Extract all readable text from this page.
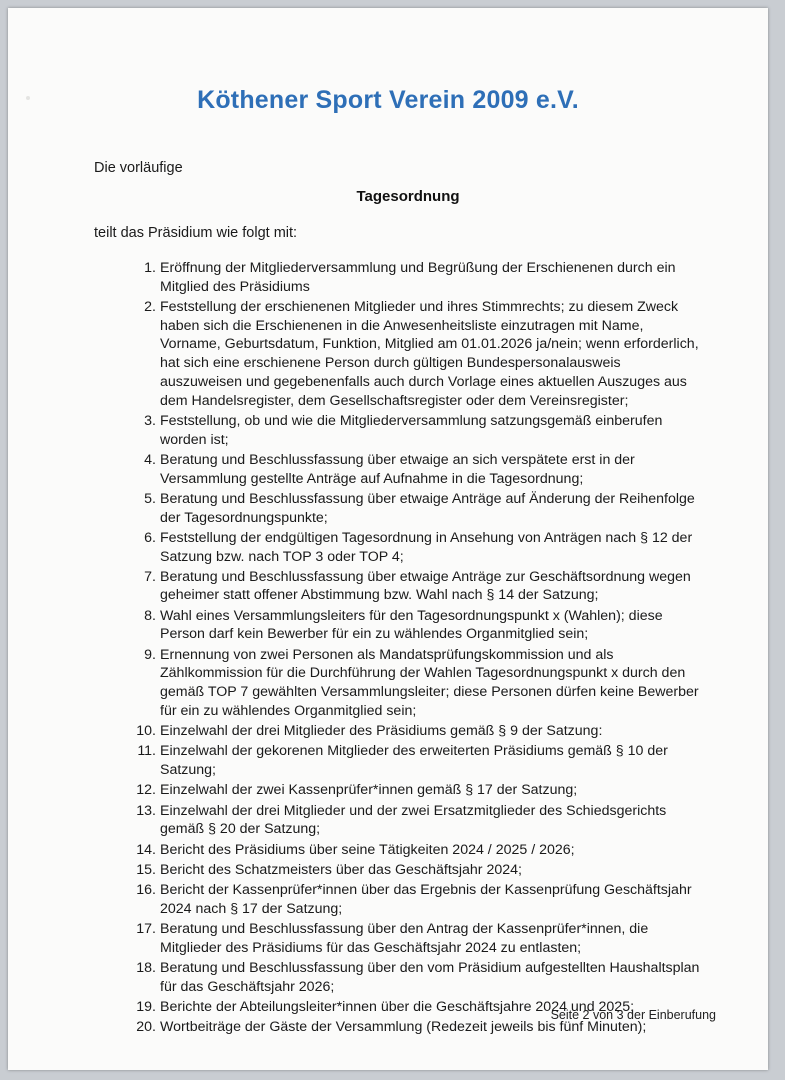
Köthener Sport Verein 2009 e.V.
Die vorläufige
Tagesordnung
teilt das Präsidium wie folgt mit:
1. Eröffnung der Mitgliederversammlung und Begrüßung der Erschienenen durch ein Mitglied des Präsidiums
2. Feststellung der erschienenen Mitglieder und ihres Stimmrechts; zu diesem Zweck haben sich die Erschienenen in die Anwesenheitsliste einzutragen mit Name, Vorname, Geburtsdatum, Funktion, Mitglied am 01.01.2026 ja/nein; wenn erforderlich, hat sich eine erschienene Person durch gültigen Bundespersonalausweis auszuweisen und gegebenenfalls auch durch Vorlage eines aktuellen Auszuges aus dem Handelsregister, dem Gesellschaftsregister oder dem Vereinsregister;
3. Feststellung, ob und wie die Mitgliederversammlung satzungsgemäß einberufen worden ist;
4. Beratung und Beschlussfassung über etwaige an sich verspätete erst in der Versammlung gestellte Anträge auf Aufnahme in die Tagesordnung;
5. Beratung und Beschlussfassung über etwaige Anträge auf Änderung der Reihenfolge der Tagesordnungspunkte;
6. Feststellung der endgültigen Tagesordnung in Ansehung von Anträgen nach § 12 der Satzung bzw. nach TOP 3 oder TOP 4;
7. Beratung und Beschlussfassung über etwaige Anträge zur Geschäftsordnung wegen geheimer statt offener Abstimmung bzw. Wahl nach § 14 der Satzung;
8. Wahl eines Versammlungsleiters für den Tagesordnungspunkt x (Wahlen); diese Person darf kein Bewerber für ein zu wählendes Organmitglied sein;
9. Ernennung von zwei Personen als Mandatsprüfungskommission und als Zählkommission für die Durchführung der Wahlen Tagesordnungspunkt x durch den gemäß TOP 7 gewählten Versammlungsleiter; diese Personen dürfen keine Bewerber für ein zu wählendes Organmitglied sein;
10. Einzelwahl der drei Mitglieder des Präsidiums gemäß § 9 der Satzung:
11. Einzelwahl der gekorenen Mitglieder des erweiterten Präsidiums gemäß § 10 der Satzung;
12. Einzelwahl der zwei Kassenprüfer*innen gemäß § 17 der Satzung;
13. Einzelwahl der drei Mitglieder und der zwei Ersatzmitglieder des Schiedsgerichts gemäß § 20 der Satzung;
14. Bericht des Präsidiums über seine Tätigkeiten 2024 / 2025 / 2026;
15. Bericht des Schatzmeisters über das Geschäftsjahr 2024;
16. Bericht der Kassenprüfer*innen über das Ergebnis der Kassenprüfung Geschäftsjahr 2024 nach § 17 der Satzung;
17. Beratung und Beschlussfassung über den Antrag der Kassenprüfer*innen, die Mitglieder des Präsidiums für das Geschäftsjahr 2024 zu entlasten;
18. Beratung und Beschlussfassung über den vom Präsidium aufgestellten Haushaltsplan für das Geschäftsjahr 2026;
19. Berichte der Abteilungsleiter*innen über die Geschäftsjahre 2024 und 2025;
20. Wortbeiträge der Gäste der Versammlung (Redezeit jeweils bis fünf Minuten);
Seite 2 von 3 der Einberufung
